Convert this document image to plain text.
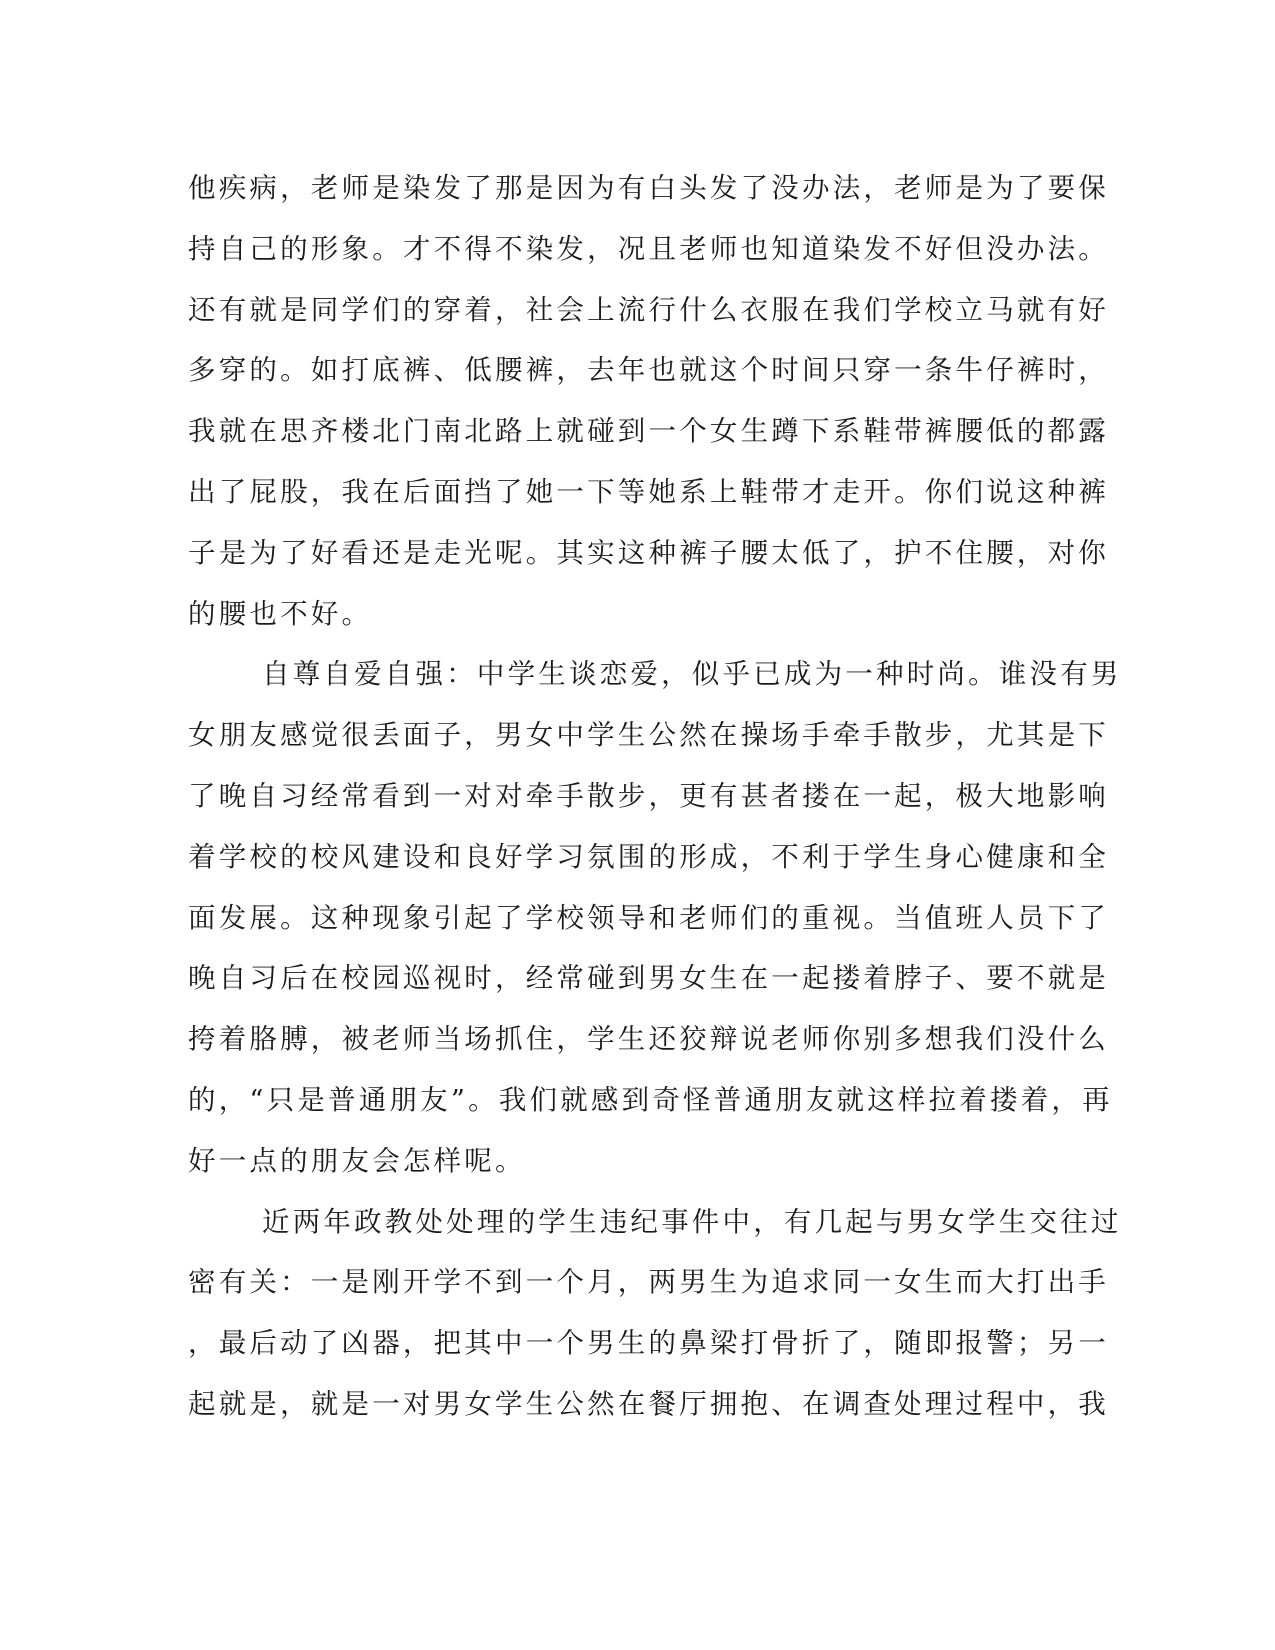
他疾病，老师是染发了那是因为有白头发了没办法，老师是为了要保
持自己的形象。才不得不染发，况且老师也知道染发不好但没办法。
还有就是同学们的穿着，社会上流行什么衣服在我们学校立马就有好
多穿的。如打底裤、低腰裤，去年也就这个时间只穿一条牛仔裤时，
我就在思齐楼北门南北路上就碰到一个女生蹲下系鞋带裤腰低的都露
出了屁股，我在后面挡了她一下等她系上鞋带才走开。你们说这种裤
子是为了好看还是走光呢。其实这种裤子腰太低了，护不住腰，对你
的腰也不好。
自尊自爱自强：中学生谈恋爱，似乎已成为一种时尚。谁没有男
女朋友感觉很丢面子，男女中学生公然在操场手牵手散步，尤其是下
了晚自习经常看到一对对牵手散步，更有甚者搂在一起，极大地影响
着学校的校风建设和良好学习氛围的形成，不利于学生身心健康和全
面发展。这种现象引起了学校领导和老师们的重视。当值班人员下了
晚自习后在校园巡视时，经常碰到男女生在一起搂着脖子、要不就是
挎着胳膊，被老师当场抓住，学生还狡辩说老师你别多想我们没什么
的，“只是普通朋友”。我们就感到奇怪普通朋友就这样拉着搂着，再
好一点的朋友会怎样呢。
近两年政教处处理的学生违纪事件中，有几起与男女学生交往过
密有关：一是刚开学不到一个月，两男生为追求同一女生而大打出手
，最后动了凶器，把其中一个男生的鼻梁打骨折了，随即报警；另一
起就是，就是一对男女学生公然在餐厅拥抱、在调查处理过程中，我
